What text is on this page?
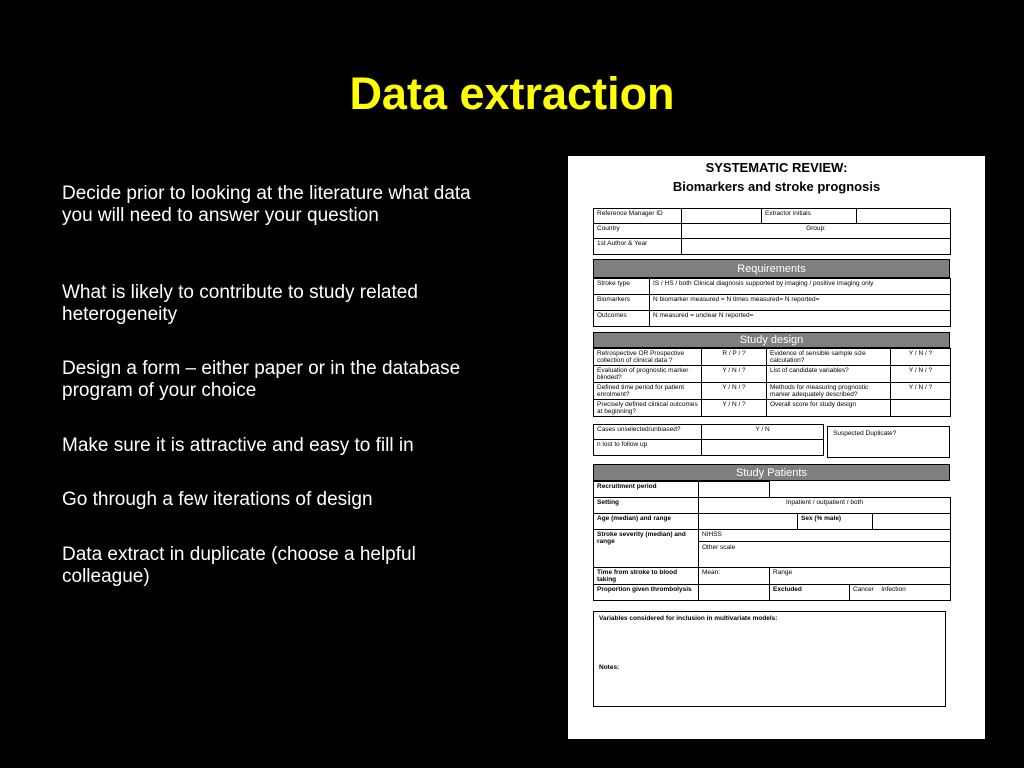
Data extraction
Decide prior to looking at the literature what data you will need to answer your question
What is likely to contribute to study related heterogeneity
Design a form – either paper or in the database program of your choice
Make sure it is attractive and easy to fill in
Go through a few iterations of design
Data extract in duplicate (choose a helpful colleague)
SYSTEMATIC REVIEW:
Biomarkers and stroke prognosis
Reference Manager ID		Extractor initials	
Country	Group:		
1st Author & Year			
Requirements
Stroke type	IS / HS / both Clinical diagnosis supported by imaging / positive imaging only
Biomarkers	N biomarker measured = N times measured= N reported=
Outcomes	N measured = unclear N reported=
Study design
Retrospective OR Prospective collection of clinical data ?	R / P / ?	Evidence of sensible sample size calculation?	Y / N / ?
Evaluation of prognostic marker blinded?	Y / N / ?	List of candidate variables?	Y / N / ?
Defined time period for patient enrolment?	Y / N / ?	Methods for measuring prognostic marker adequately described?	Y / N / ?
Precisely defined clinical outcomes at beginning?	Y / N / ?	Overall score for study design	
Cases unselected/unbiased?	Y / N
n lost to follow up	
Suspected Duplicate?
Study Patients
Recruitment period					
Setting	Inpatient / outpatient / both				
Age (median) and range			Sex (% male)		
Stroke severity (median) and range	NIHSS
Other scale				

Time from stroke to blood taking	Mean:	Range			
Proportion given thrombolysis		Excluded		Cancer Infection	
Variables considered for inclusion in multivariate models:
Notes:
